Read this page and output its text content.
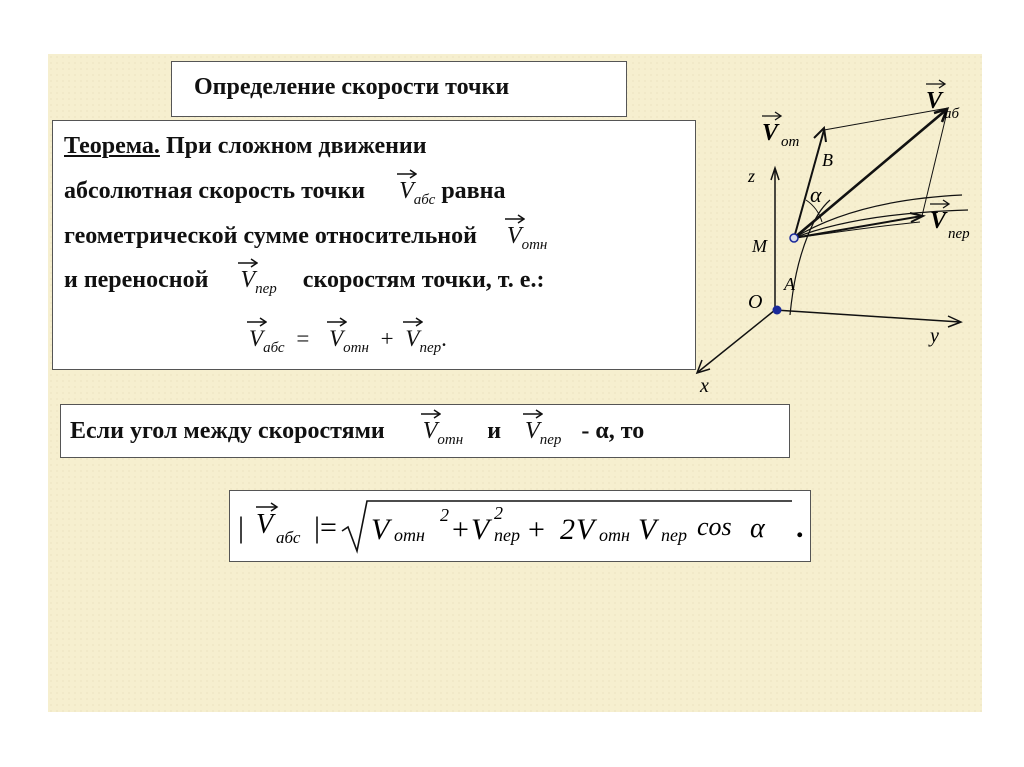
Определение скорости точки
Теорема. При сложном движении
абсолютная скорость точки $V_{абс}$ равна
геометрической сумме относительной $V_{отн}$
и переносной $V_{пер}$ скоростям точки, т. е.:
$V_{абс} = V_{отн} + V_{пер}$.
Если угол между скоростями $V_{отн}$ и $V_{пер}$ - α, то
| V абс |= V отн
2 + V 2
пер + 2 V отн V пер cos α .
V аб
V от
B
α
V пер
z
M
A
O
y
x
